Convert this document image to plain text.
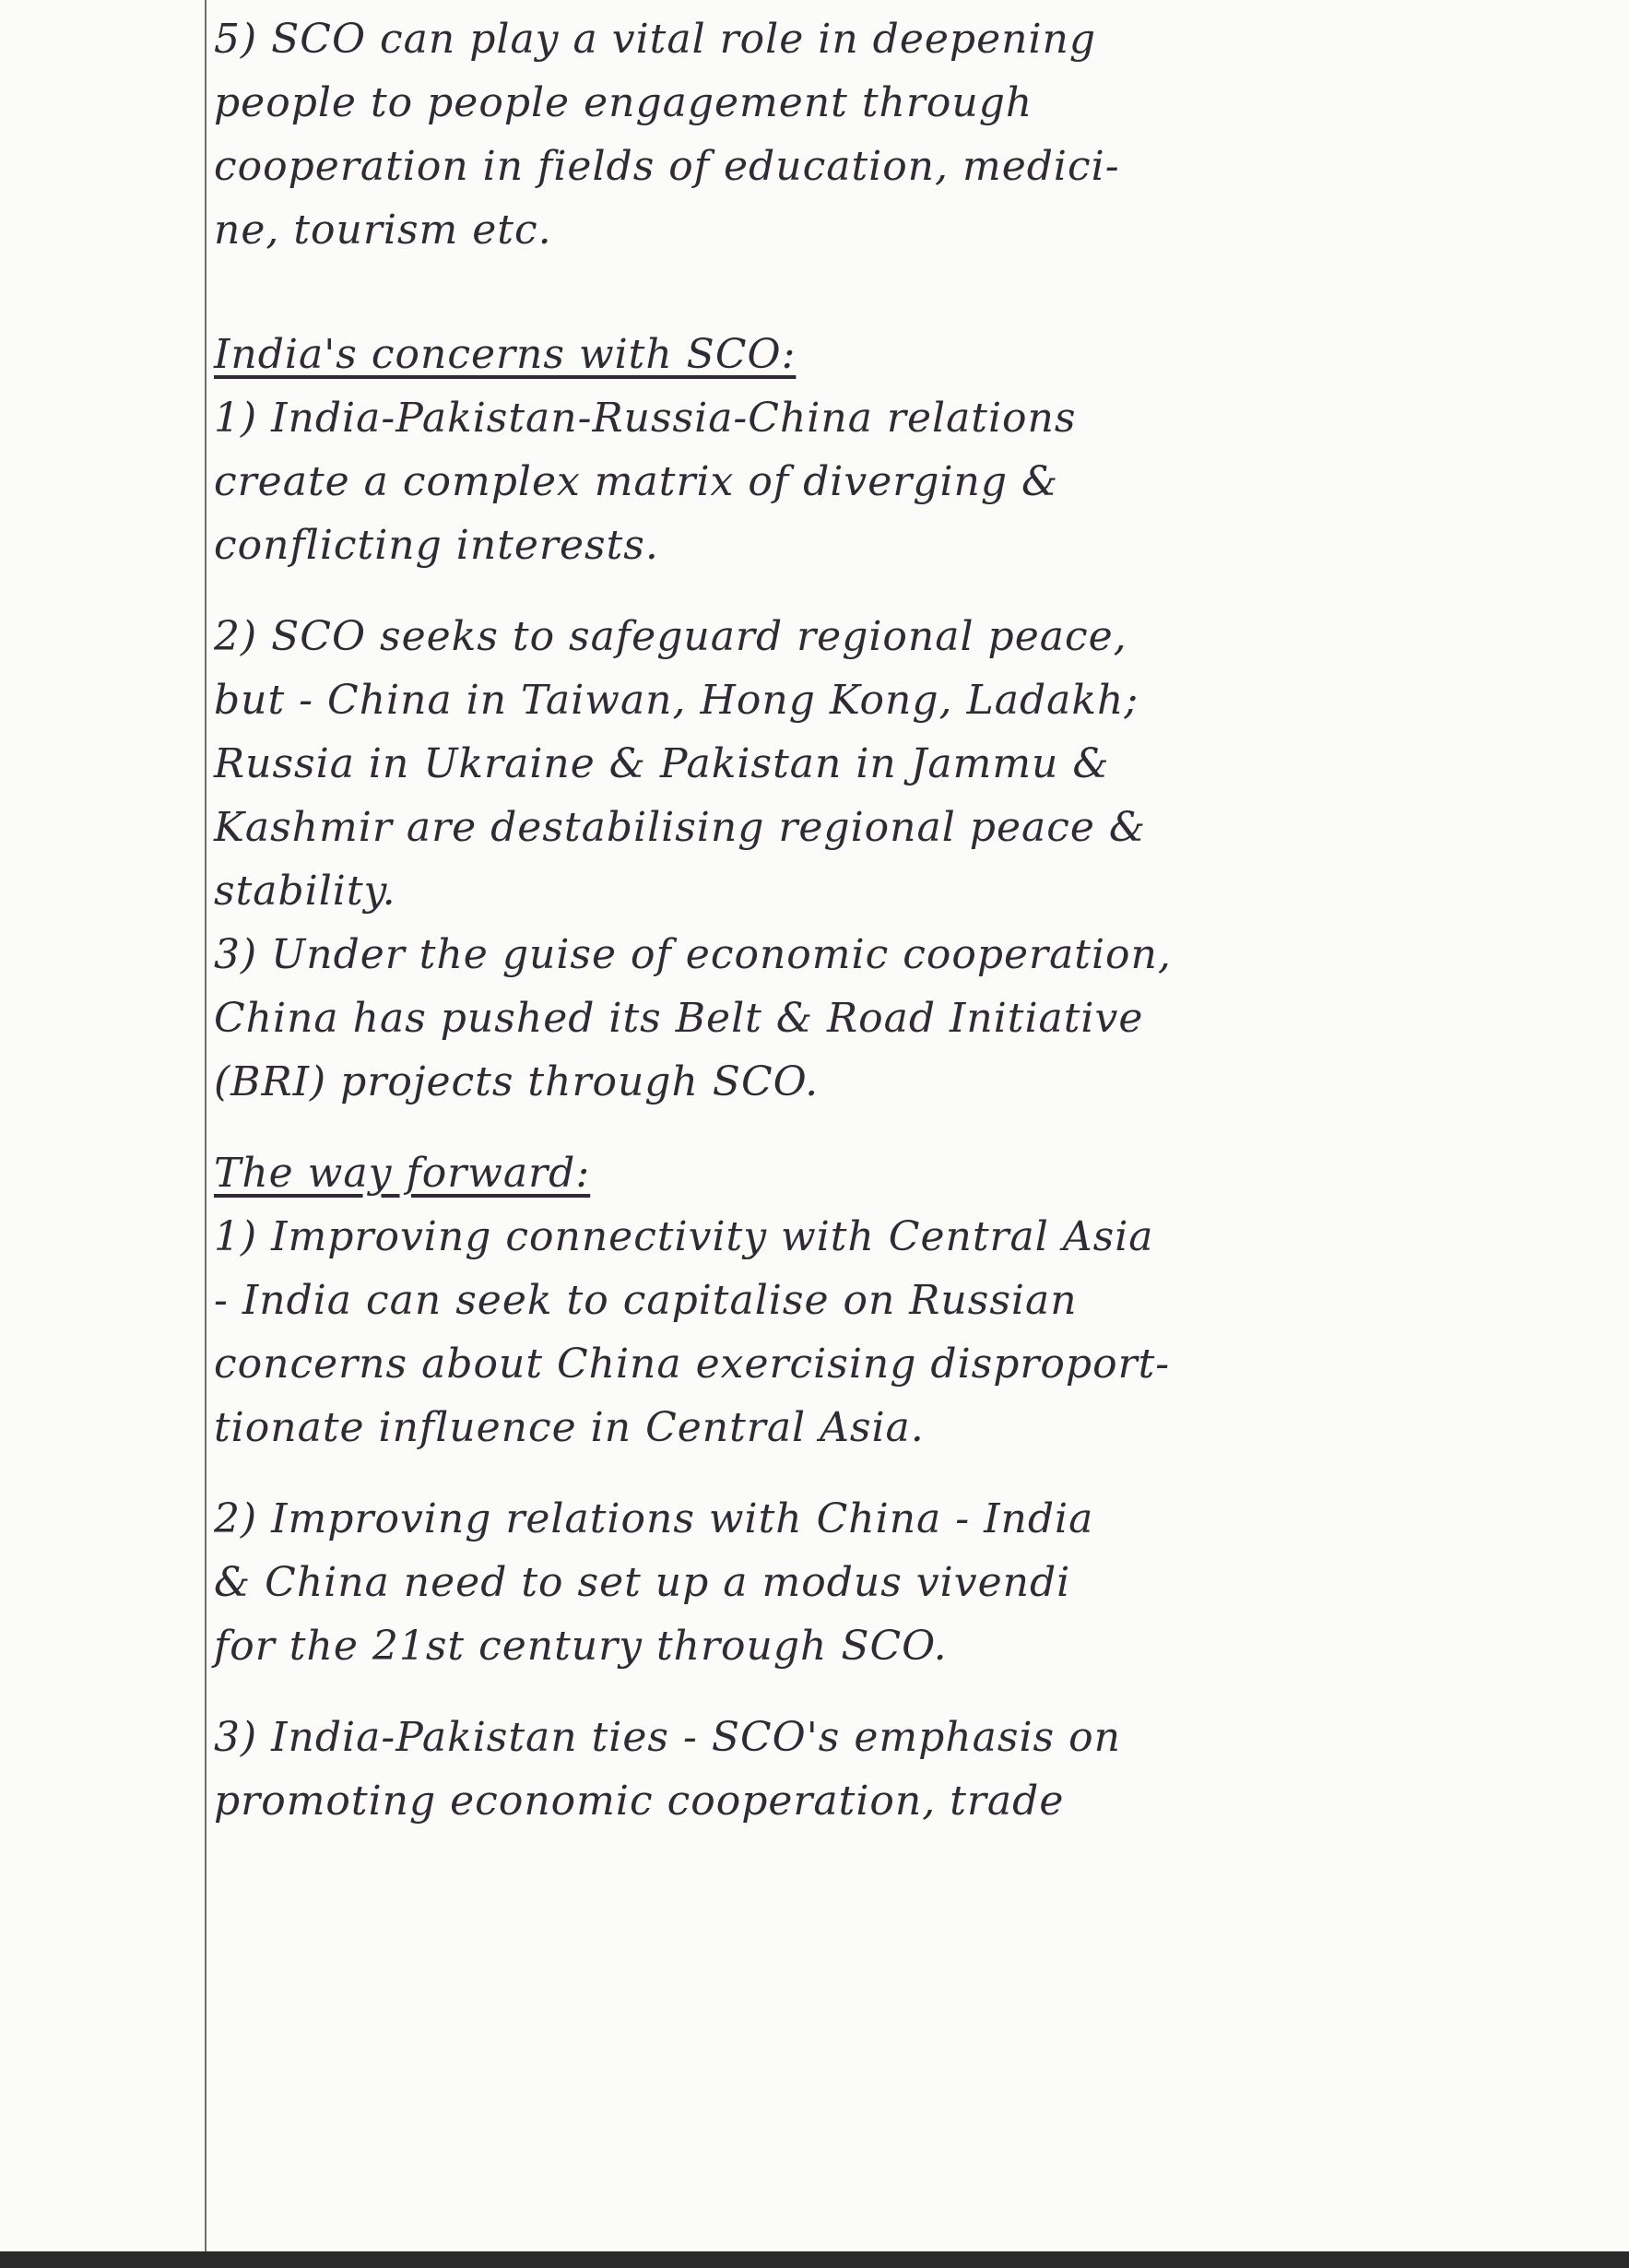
5) SCO can play a vital role in deepening
people to people engagement through
cooperation in fields of education, medici-
ne, tourism etc.
India's concerns with SCO:
1) India-Pakistan-Russia-China relations
create a complex matrix of diverging &
conflicting interests.
2) SCO seeks to safeguard regional peace,
but - China in Taiwan, Hong Kong, Ladakh;
Russia in Ukraine & Pakistan in Jammu &
Kashmir are destabilising regional peace &
stability.
3) Under the guise of economic cooperation,
China has pushed its Belt & Road Initiative
(BRI) projects through SCO.
The way forward:
1) Improving connectivity with Central Asia
- India can seek to capitalise on Russian
concerns about China exercising disproport-
tionate influence in Central Asia.
2) Improving relations with China - India
& China need to set up a modus vivendi
for the 21st century through SCO.
3) India-Pakistan ties - SCO's emphasis on
promoting economic cooperation, trade
